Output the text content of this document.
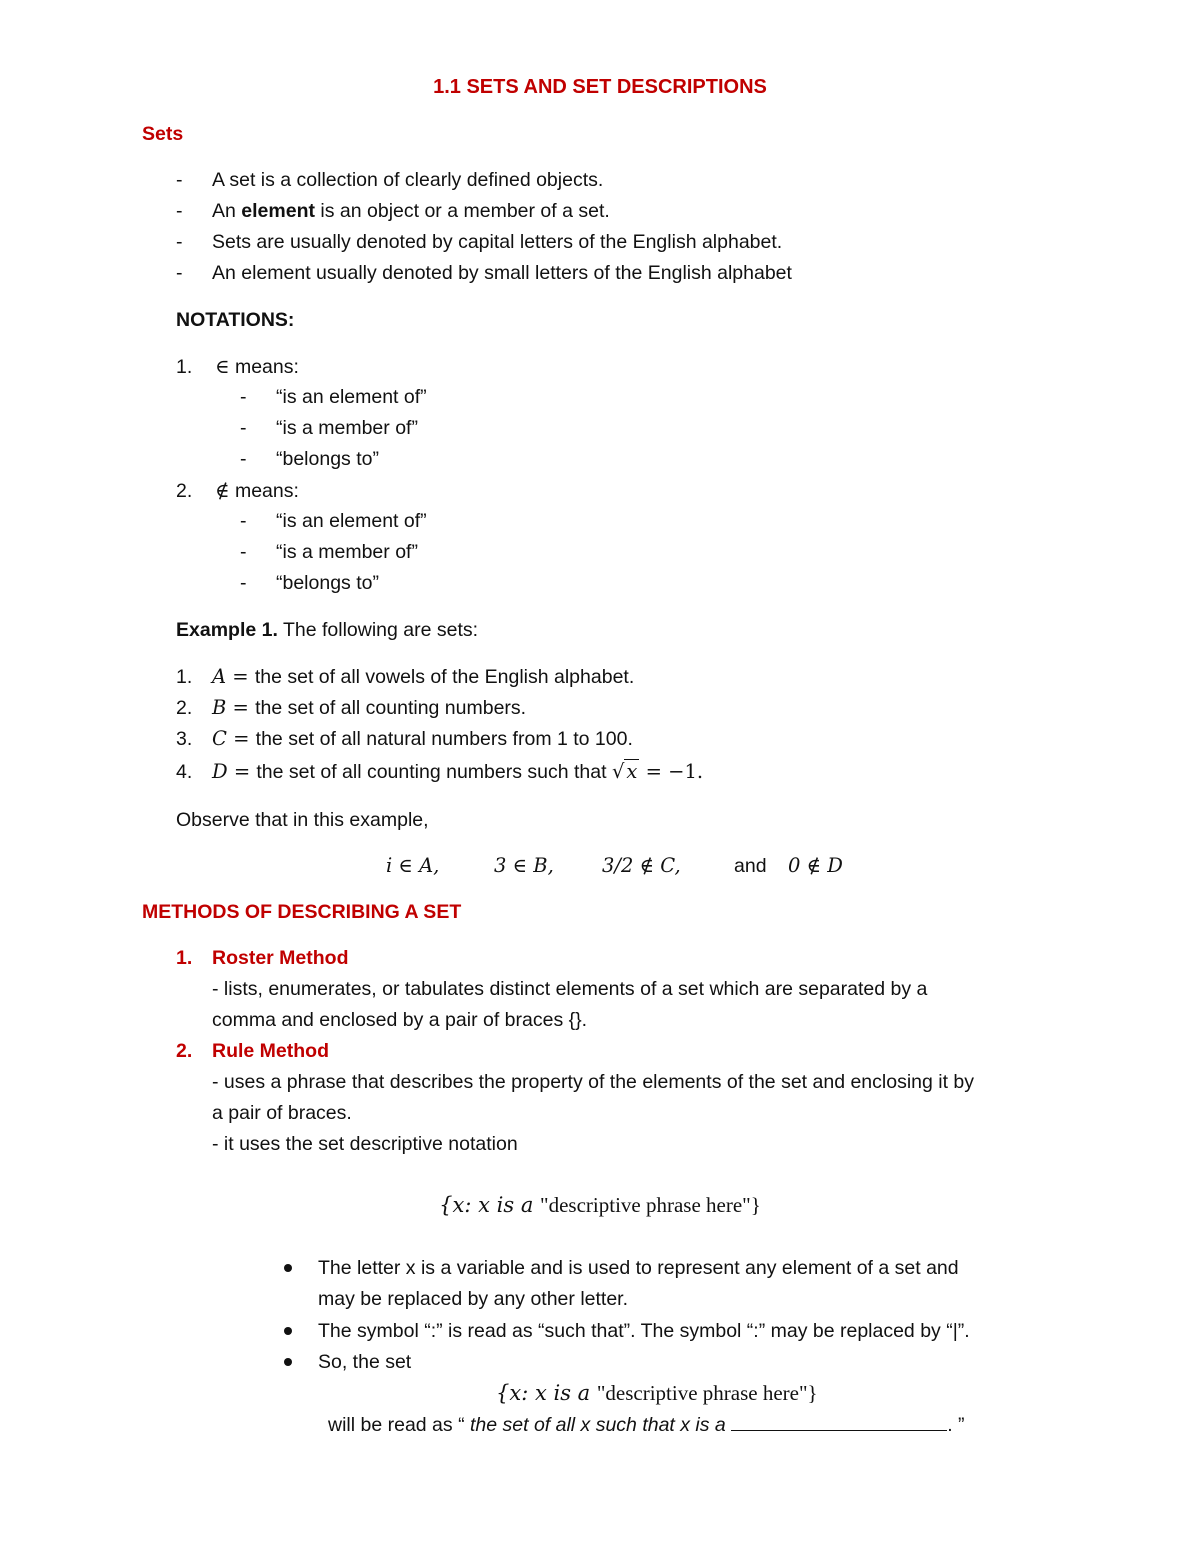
1.1 SETS AND SET DESCRIPTIONS
Sets
- A set is a collection of clearly defined objects.
- An element is an object or a member of a set.
- Sets are usually denoted by capital letters of the English alphabet.
- An element usually denoted by small letters of the English alphabet
NOTATIONS:
1. ∈ means:
- “is an element of”
- “is a member of”
- “belongs to”
2. ∉ means:
- “is an element of”
- “is a member of”
- “belongs to”
Example 1. The following are sets:
1. A = the set of all vowels of the English alphabet.
2. B = the set of all counting numbers.
3. C = the set of all natural numbers from 1 to 100.
4. D = the set of all counting numbers such that √ x = −1.
Observe that in this example,
i ∈ A,	3 ∈ B, 3/2 ∉ C,	and 0 ∉ D
METHODS OF DESCRIBING A SET
1. Roster Method
- lists, enumerates, or tabulates distinct elements of a set which are separated by a
comma and enclosed by a pair of braces {}.
2. Rule Method
- uses a phrase that describes the property of the elements of the set and enclosing it by
a pair of braces.
- it uses the set descriptive notation
{x: x is a "descriptive phrase here"}
The letter x is a variable and is used to represent any element of a set and
may be replaced by any other letter.
The symbol “:” is read as “such that”. The symbol “:” may be replaced by “|”.
So, the set
{x: x is a "descriptive phrase here"}
will be read as “ the set of all x such that x is a	. ”
